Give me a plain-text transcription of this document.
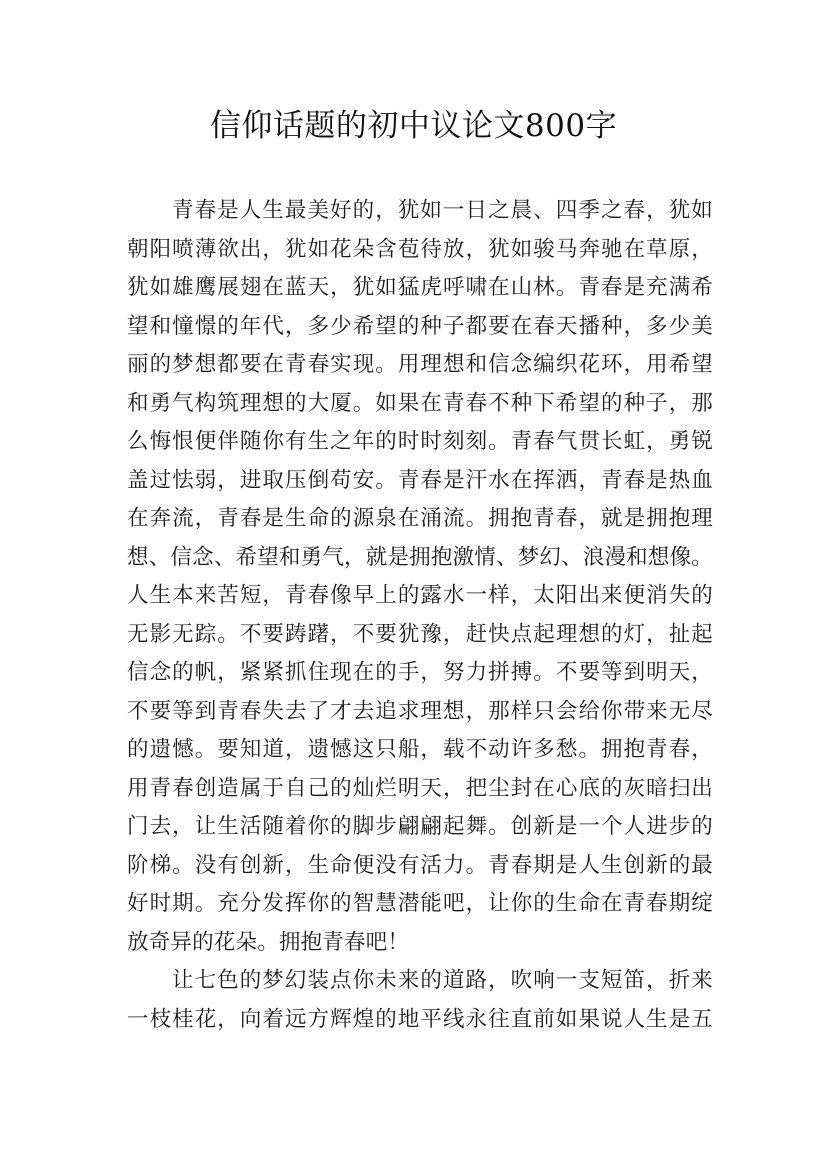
信仰话题的初中议论文800字
青春是人生最美好的，犹如一日之晨、四季之春，犹如
朝阳喷薄欲出，犹如花朵含苞待放，犹如骏马奔驰在草原，
犹如雄鹰展翅在蓝天，犹如猛虎呼啸在山林。青春是充满希
望和憧憬的年代，多少希望的种子都要在春天播种，多少美
丽的梦想都要在青春实现。用理想和信念编织花环，用希望
和勇气构筑理想的大厦。如果在青春不种下希望的种子，那
么悔恨便伴随你有生之年的时时刻刻。青春气贯长虹，勇锐
盖过怯弱，进取压倒苟安。青春是汗水在挥洒，青春是热血
在奔流，青春是生命的源泉在涌流。拥抱青春，就是拥抱理
想、信念、希望和勇气，就是拥抱激情、梦幻、浪漫和想像。
人生本来苦短，青春像早上的露水一样，太阳出来便消失的
无影无踪。不要踌躇，不要犹豫，赶快点起理想的灯，扯起
信念的帆，紧紧抓住现在的手，努力拼搏。不要等到明天，
不要等到青春失去了才去追求理想，那样只会给你带来无尽
的遗憾。要知道，遗憾这只船，载不动许多愁。拥抱青春，
用青春创造属于自己的灿烂明天，把尘封在心底的灰暗扫出
门去，让生活随着你的脚步翩翩起舞。创新是一个人进步的
阶梯。没有创新，生命便没有活力。青春期是人生创新的最
好时期。充分发挥你的智慧潜能吧，让你的生命在青春期绽
放奇异的花朵。拥抱青春吧！
让七色的梦幻装点你未来的道路，吹响一支短笛，折来
一枝桂花，向着远方辉煌的地平线永往直前如果说人生是五
